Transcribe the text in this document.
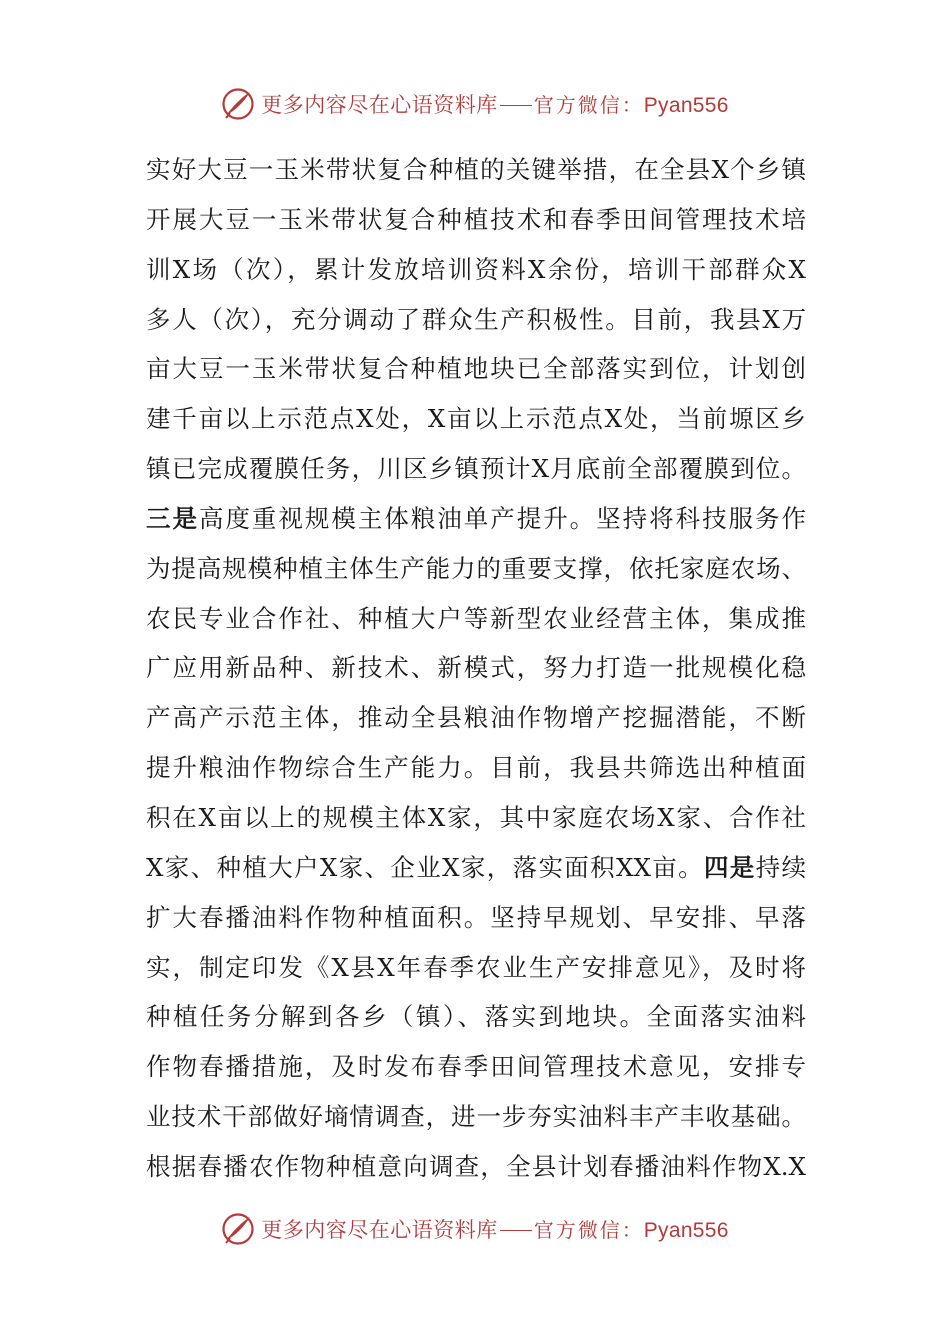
更多内容尽在心语资料库 官方微信： Pyan556
实好大豆一玉米带状复合种植的关键举措，在全县X个乡镇
开展大豆一玉米带状复合种植技术和春季田间管理技术培
训X场（次），累计发放培训资料X余份，培训干部群众X
多人（次），充分调动了群众生产积极性。目前，我县X万
亩大豆一玉米带状复合种植地块已全部落实到位，计划创
建千亩以上示范点X处，X亩以上示范点X处，当前塬区乡
镇已完成覆膜任务，川区乡镇预计X月底前全部覆膜到位。
三是高度重视规模主体粮油单产提升。坚持将科技服务作
为提高规模种植主体生产能力的重要支撑，依托家庭农场、
农民专业合作社、种植大户等新型农业经营主体，集成推
广应用新品种、新技术、新模式，努力打造一批规模化稳
产高产示范主体，推动全县粮油作物增产挖掘潜能，不断
提升粮油作物综合生产能力。目前，我县共筛选出种植面
积在X亩以上的规模主体X家，其中家庭农场X家、合作社
X家、种植大户X家、企业X家，落实面积XX亩。四是持续
扩大春播油料作物种植面积。坚持早规划、早安排、早落
实，制定印发《X县X年春季农业生产安排意见》，及时将
种植任务分解到各乡（镇）、落实到地块。全面落实油料
作物春播措施，及时发布春季田间管理技术意见，安排专
业技术干部做好墒情调查，进一步夯实油料丰产丰收基础。
根据春播农作物种植意向调查，全县计划春播油料作物X.X
更多内容尽在心语资料库 官方微信： Pyan556
